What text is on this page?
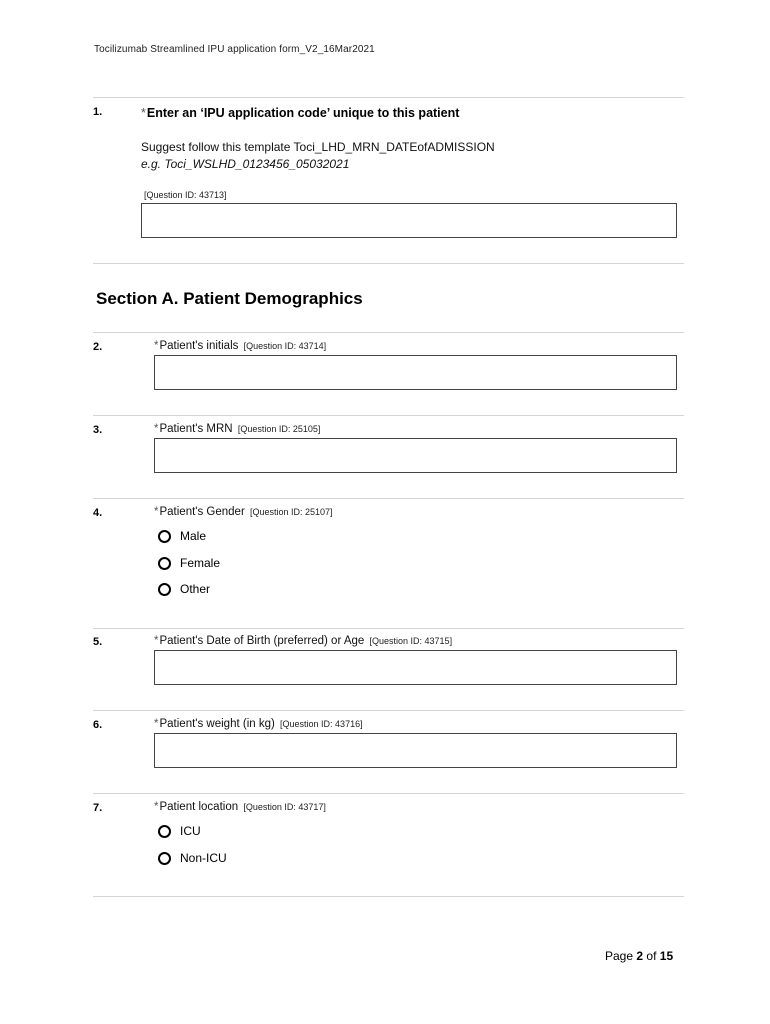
Tocilizumab Streamlined IPU application form_V2_16Mar2021
1.	*Enter an ‘IPU application code’ unique to this patient
Suggest follow this template Toci_LHD_MRN_DATEofADMISSION
e.g. Toci_WSLHD_0123456_05032021
[Question ID: 43713]
Section A. Patient Demographics
2.	*Patient's initials [Question ID: 43714]
3.	*Patient's MRN [Question ID: 25105]
4.	*Patient's Gender [Question ID: 25107]
Male
Female
Other
5.	*Patient's Date of Birth (preferred) or Age [Question ID: 43715]
6.	*Patient's weight (in kg) [Question ID: 43716]
7.	*Patient location [Question ID: 43717]
ICU
Non-ICU
Page 2 of 15
